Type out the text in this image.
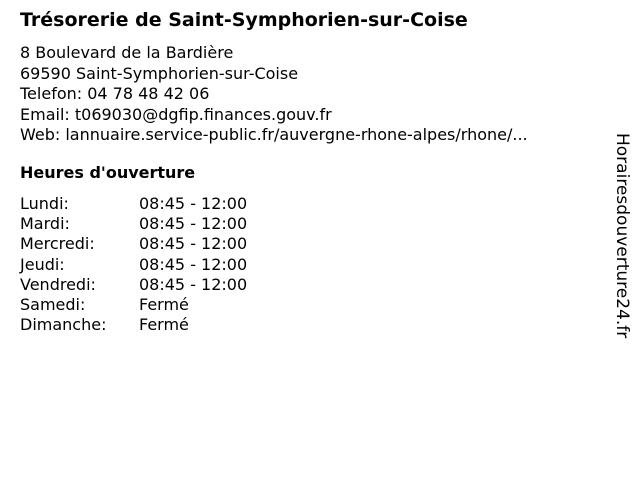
Trésorerie de Saint-Symphorien-sur-Coise
8 Boulevard de la Bardière
69590 Saint-Symphorien-sur-Coise
Telefon: 04 78 48 42 06
Email: t069030@dgfip.finances.gouv.fr
Web: lannuaire.service-public.fr/auvergne-rhone-alpes/rhone/...
Heures d'ouverture
Lundi:	08:45 - 12:00
Mardi:	08:45 - 12:00
Mercredi:	08:45 - 12:00
Jeudi:	08:45 - 12:00
Vendredi:	08:45 - 12:00
Samedi:	Fermé
Dimanche: Fermé	Horairesdouverture24.fr
